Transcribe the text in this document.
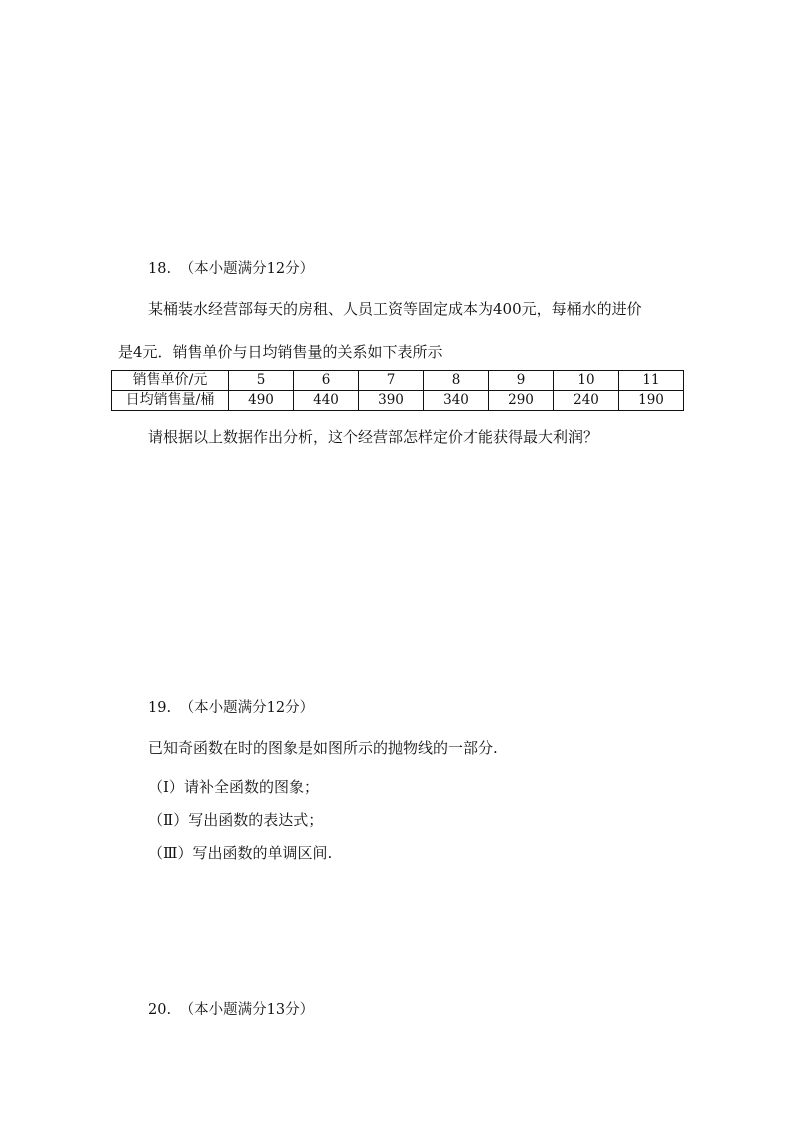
18. （本小题满分12分）
某桶装水经营部每天的房租、人员工资等固定成本为400元，每桶水的进价
是4元．销售单价与日均销售量的关系如下表所示
销售单价/元	5	6	7	8	9	10	11
日均销售量/桶	490	440	390	340	290	240	190
请根据以上数据作出分析，这个经营部怎样定价才能获得最大利润？
19. （本小题满分12分）
已知奇函数在时的图象是如图所示的抛物线的一部分.
（Ⅰ）请补全函数的图象；
（Ⅱ）写出函数的表达式；
（Ⅲ）写出函数的单调区间.
20. （本小题满分13分）
